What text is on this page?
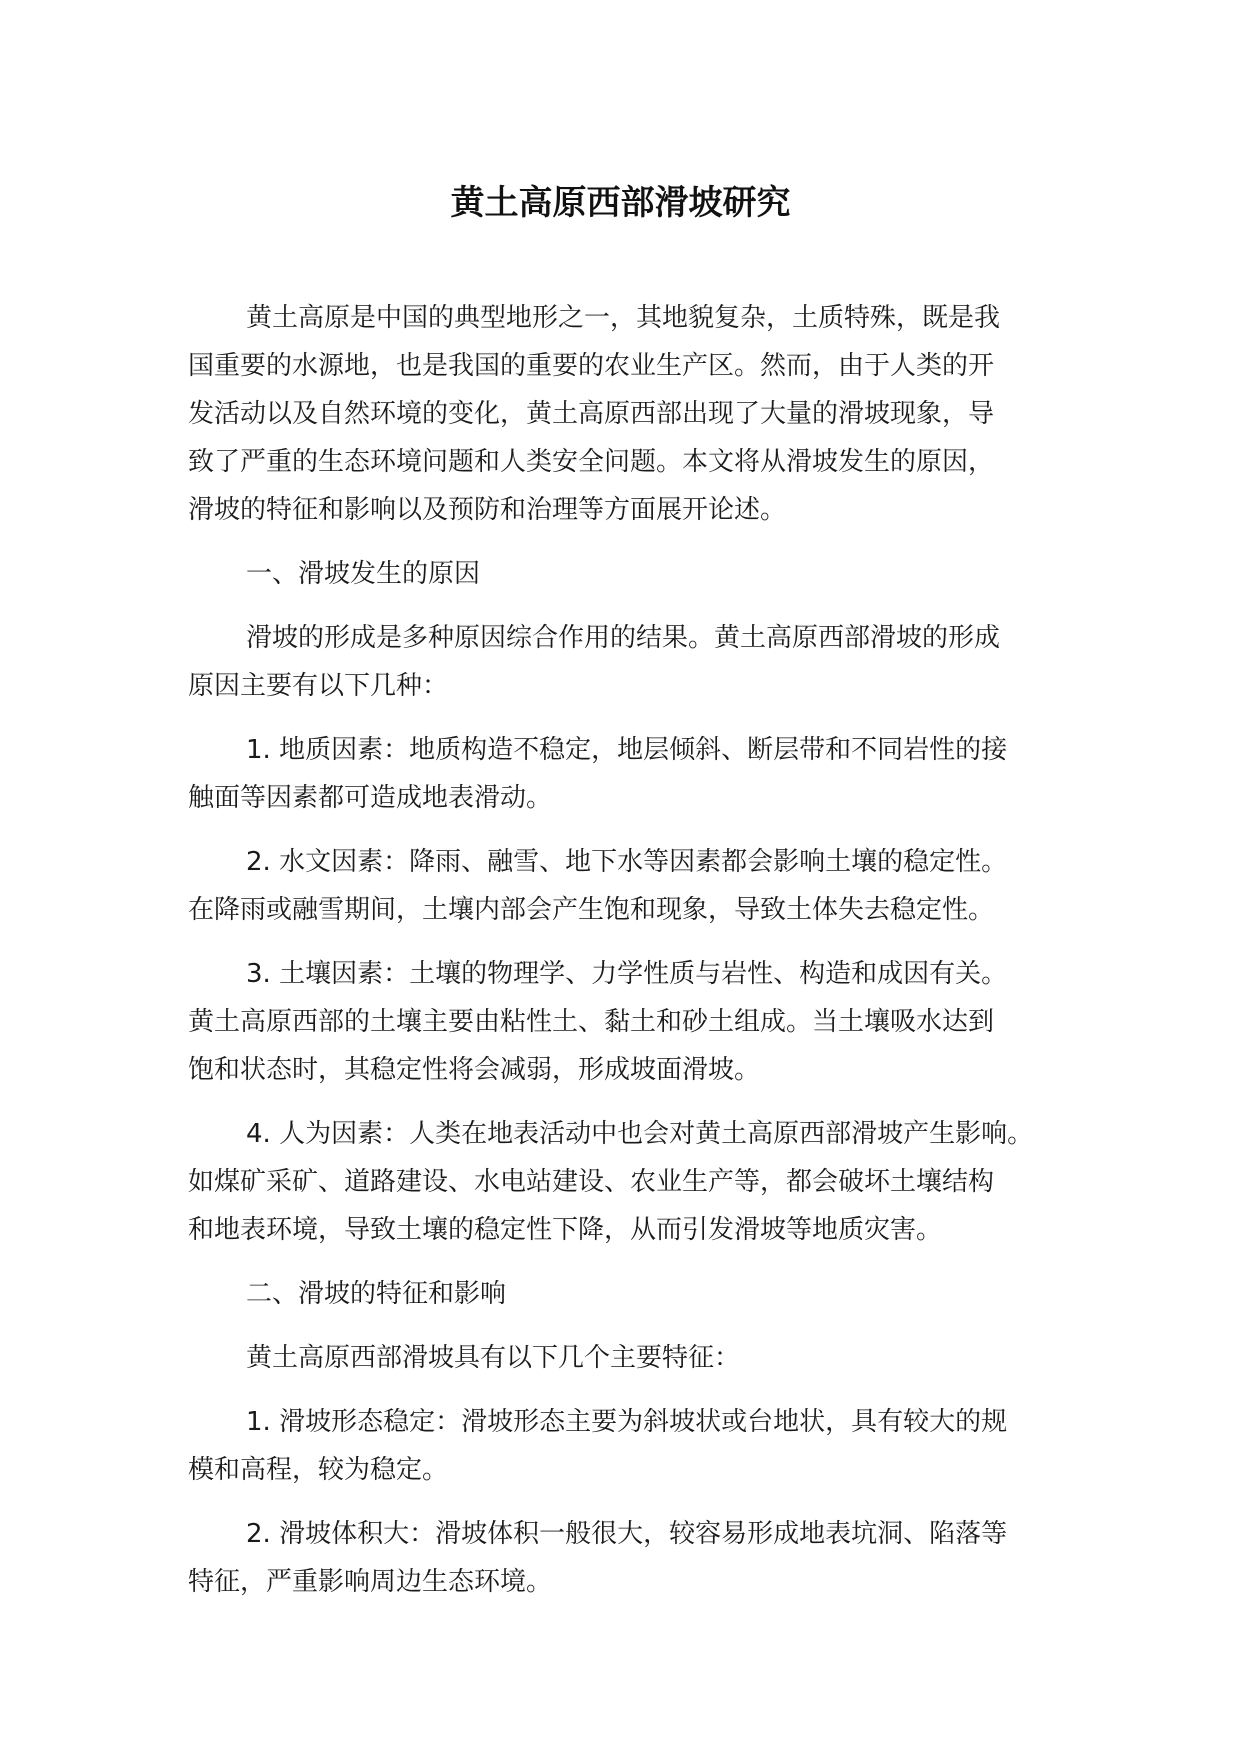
黄土高原西部滑坡研究

黄土高原是中国的典型地形之一，其地貌复杂，土质特殊，既是我
国重要的水源地，也是我国的重要的农业生产区。然而，由于人类的开
发活动以及自然环境的变化，黄土高原西部出现了大量的滑坡现象，导
致了严重的生态环境问题和人类安全问题。本文将从滑坡发生的原因，
滑坡的特征和影响以及预防和治理等方面展开论述。

一、滑坡发生的原因

滑坡的形成是多种原因综合作用的结果。黄土高原西部滑坡的形成
原因主要有以下几种：

1. 地质因素：地质构造不稳定，地层倾斜、断层带和不同岩性的接
触面等因素都可造成地表滑动。

2. 水文因素：降雨、融雪、地下水等因素都会影响土壤的稳定性。
在降雨或融雪期间，土壤内部会产生饱和现象，导致土体失去稳定性。

3. 土壤因素：土壤的物理学、力学性质与岩性、构造和成因有关。
黄土高原西部的土壤主要由粘性土、黏土和砂土组成。当土壤吸水达到
饱和状态时，其稳定性将会减弱，形成坡面滑坡。

4. 人为因素：人类在地表活动中也会对黄土高原西部滑坡产生影响。
如煤矿采矿、道路建设、水电站建设、农业生产等，都会破坏土壤结构
和地表环境，导致土壤的稳定性下降，从而引发滑坡等地质灾害。

二、滑坡的特征和影响

黄土高原西部滑坡具有以下几个主要特征：

1. 滑坡形态稳定：滑坡形态主要为斜坡状或台地状，具有较大的规
模和高程，较为稳定。

2. 滑坡体积大：滑坡体积一般很大，较容易形成地表坑洞、陷落等
特征，严重影响周边生态环境。
